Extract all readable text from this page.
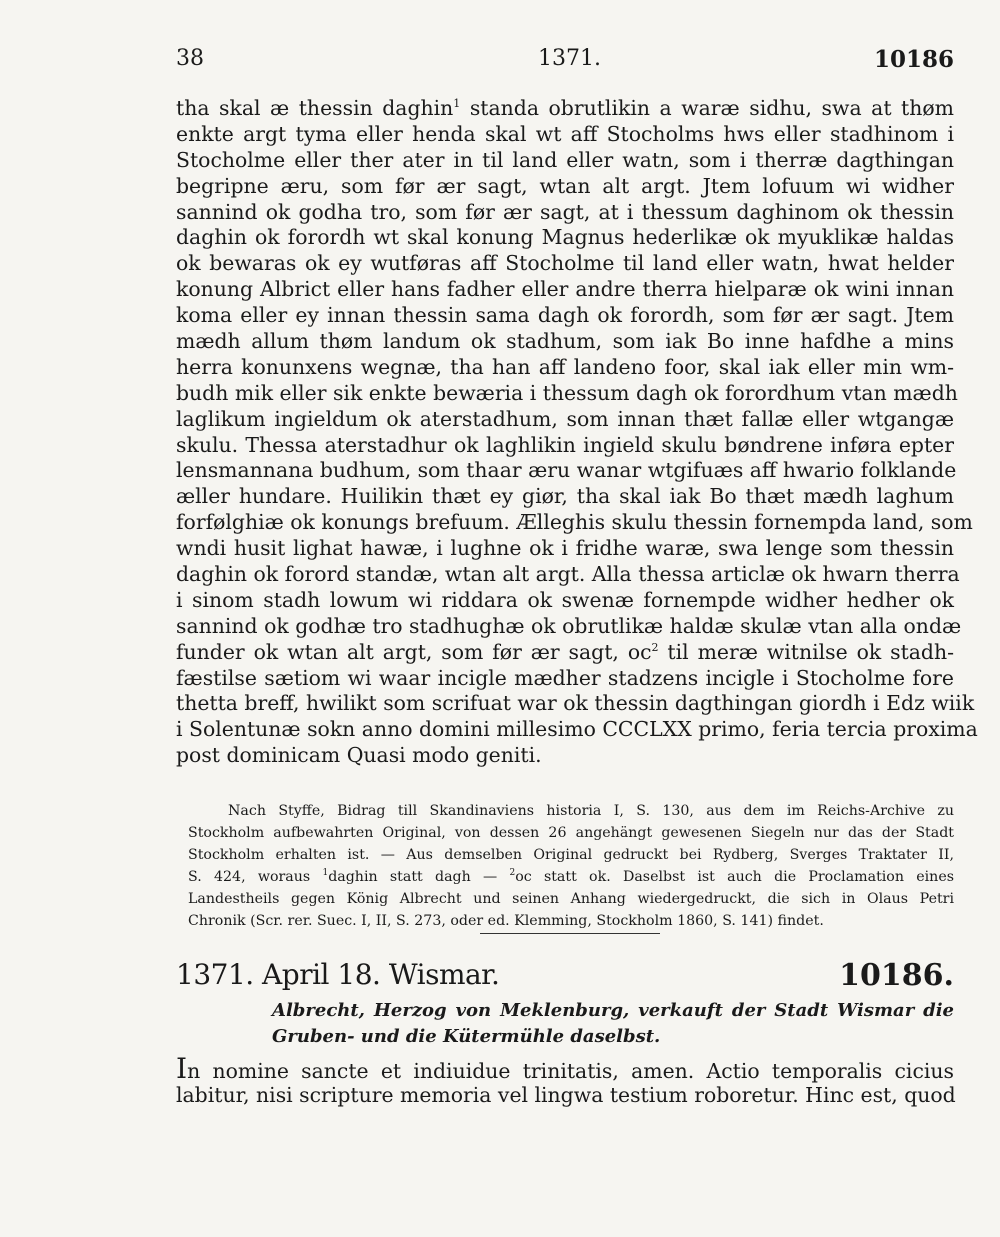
38	1371.	10186
tha skal æ thessin daghin$^1$ standa obrutlikin a waræ sidhu, swa at thøm
enkte argt tyma eller henda skal wt aff Stocholms hws eller stadhinom i
Stocholme eller ther ater in til land eller watn, som i therræ dagthingan
begripne æru, som før ær sagt, wtan alt argt. Jtem lofuum wi widher
sannind ok godha tro, som før ær sagt, at i thessum daghinom ok thessin
daghin ok forordh wt skal konung Magnus hederlikæ ok myuklikæ haldas
ok bewaras ok ey wutføras aff Stocholme til land eller watn, hwat helder
konung Albrict eller hans fadher eller andre therra hielparæ ok wini innan
koma eller ey innan thessin sama dagh ok forordh, som før ær sagt. Jtem
mædh allum thøm landum ok stadhum, som iak Bo inne hafdhe a mins
herra konunxens wegnæ, tha han aff landeno foor, skal iak eller min wm-
budh mik eller sik enkte bewæria i thessum dagh ok forordhum vtan mædh
laglikum ingieldum ok aterstadhum, som innan thæt fallæ eller wtgangæ
skulu. Thessa aterstadhur ok laghlikin ingield skulu bøndrene inføra epter
lensmannana budhum, som thaar æru wanar wtgifuæs aff hwario folklande
æller hundare. Huilikin thæt ey giør, tha skal iak Bo thæt mædh laghum
forfølghiæ ok konungs brefuum. Ælleghis skulu thessin fornempda land, som
wndi husit lighat hawæ, i lughne ok i fridhe waræ, swa lenge som thessin
daghin ok forord standæ, wtan alt argt. Alla thessa articlæ ok hwarn therra
i sinom stadh lowum wi riddara ok swenæ fornempde widher hedher ok
sannind ok godhæ tro stadhughæ ok obrutlikæ haldæ skulæ vtan alla ondæ
funder ok wtan alt argt, som før ær sagt, $oc^2$ til meræ witnilse ok stadh-
fæstilse sætiom wi waar incigle mædher stadzens incigle i Stocholme fore
thetta breff, hwilikt som scrifuat war ok thessin dagthingan giordh i Edz wiik
i Solentunæ sokn anno domini millesimo CCCLXX primo, feria tercia proxima
post dominicam Quasi modo geniti.
Nach Styffe, Bidrag till Skandinaviens historia I, S. 130, aus dem im Reichs-Archive zu
Stockholm aufbewahrten Original, von dessen 26 angehängt gewesenen Siegeln nur das der Stadt
Stockholm erhalten ist. — Aus demselben Original gedruckt bei Rydberg, Sverges Traktater II,
S. 424, woraus $^1$daghin statt dagh — $^2$oc statt ok. Daselbst ist auch die Proclamation eines
Landestheils gegen König Albrecht und seinen Anhang wiedergedruckt, die sich in Olaus Petri
Chronik (Scr. rer. Suec. I, II, S. 273, oder ed. Klemming, Stockholm 1860, S. 141) findet.
1371. April 18. Wismar.	10186.
Albrecht, Herzog von Meklenburg, verkauft der Stadt Wismar die
Gruben- und die Kütermühle daselbst.
In nomine sancte et indiuidue trinitatis, amen. Actio temporalis cicius
labitur, nisi scripture memoria vel lingwa testium roboretur. Hinc est, quod
